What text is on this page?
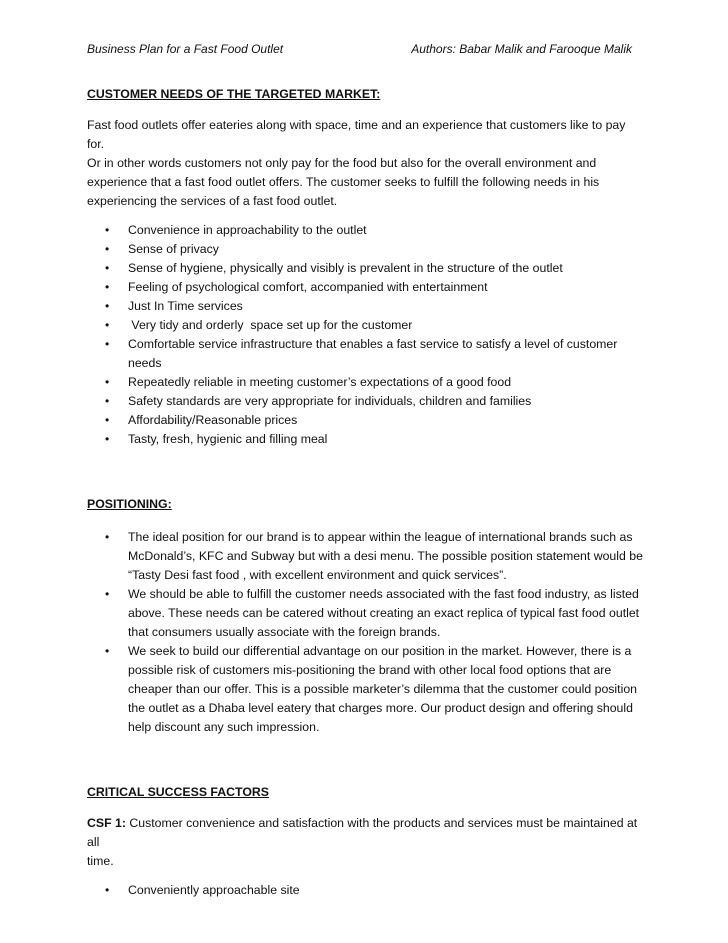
Business Plan for a Fast Food Outlet	Authors: Babar Malik and Farooque Malik

CUSTOMER NEEDS OF THE TARGETED MARKET:

Fast food outlets offer eateries along with space, time and an experience that customers like to pay for.
Or in other words customers not only pay for the food but also for the overall environment and
experience that a fast food outlet offers. The customer seeks to fulfill the following needs in his
experiencing the services of a fast food outlet.
• Convenience in approachability to the outlet
• Sense of privacy
• Sense of hygiene, physically and visibly is prevalent in the structure of the outlet
• Feeling of psychological comfort, accompanied with entertainment
• Just In Time services
• Very tidy and orderly  space set up for the customer
• Comfortable service infrastructure that enables a fast service to satisfy a level of customer
needs
• Repeatedly reliable in meeting customer’s expectations of a good food
• Safety standards are very appropriate for individuals, children and families
• Affordability/Reasonable prices
• Tasty, fresh, hygienic and filling meal

POSITIONING:

• The ideal position for our brand is to appear within the league of international brands such as
McDonald’s, KFC and Subway but with a desi menu. The possible position statement would be
“Tasty Desi fast food , with excellent environment and quick services”.
• We should be able to fulfill the customer needs associated with the fast food industry, as listed
above. These needs can be catered without creating an exact replica of typical fast food outlet
that consumers usually associate with the foreign brands.
• We seek to build our differential advantage on our position in the market. However, there is a
possible risk of customers mis-positioning the brand with other local food options that are
cheaper than our offer. This is a possible marketer’s dilemma that the customer could position
the outlet as a Dhaba level eatery that charges more. Our product design and offering should
help discount any such impression.

CRITICAL SUCCESS FACTORS

CSF 1: Customer convenience and satisfaction with the products and services must be maintained at all
time.
• Conveniently approachable site
